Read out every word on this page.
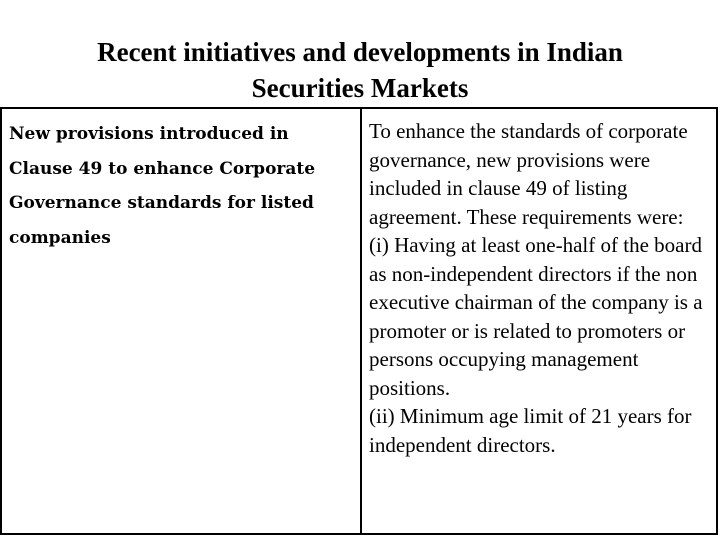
Recent initiatives and developments in Indian
Securities Markets
New provisions introduced in Clause 49 to enhance Corporate Governance standards for listed companies

To enhance the standards of corporate governance, new provisions were included in clause 49 of listing agreement. These requirements were:
(i) Having at least one-half of the board as non-independent directors if the non executive chairman of the company is a promoter or is related to promoters or persons occupying management positions.
(ii) Minimum age limit of 21 years for independent directors.
